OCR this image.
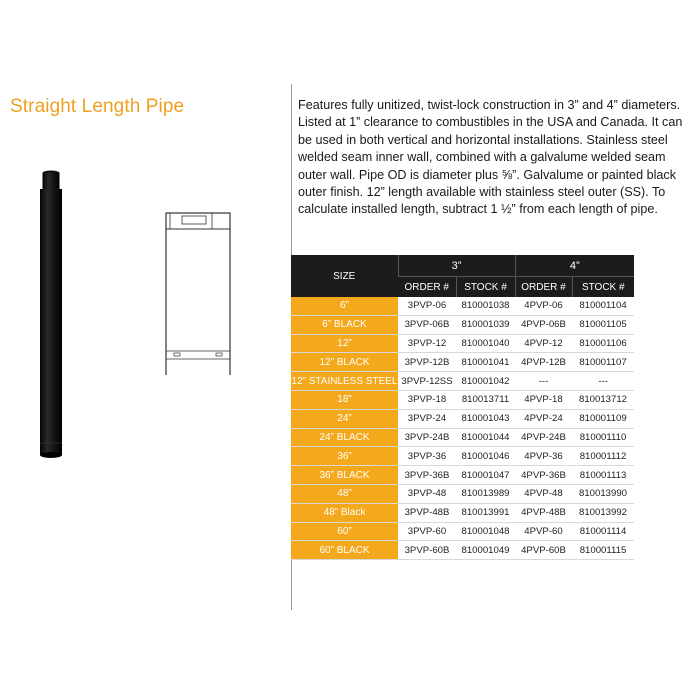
Straight Length Pipe	Features fully unitized, twist-lock construction in 3” and 4” diameters. Listed at 1” clearance to combustibles in the USA and Canada. It can be used in both vertical and horizontal installations. Stainless steel welded seam inner wall, combined with a galvalume welded seam outer wall. Pipe OD is diameter plus ⅝”. Galvalume or painted black outer finish. 12” length available with stainless steel outer (SS). To calculate installed length, subtract 1 ½” from each length of pipe.
SIZE	3”		4”	
	ORDER #	STOCK #	ORDER #	STOCK #
6”	3PVP-06	810001038	4PVP-06	810001104
6” BLACK	3PVP-06B	810001039	4PVP-06B	810001105
12”	3PVP-12	810001040	4PVP-12	810001106
12” BLACK	3PVP-12B	810001041	4PVP-12B	810001107
12” STAINLESS STEEL	3PVP-12SS	810001042	---	---
18”	3PVP-18	810013711	4PVP-18	810013712
24”	3PVP-24	810001043	4PVP-24	810001109
24” BLACK	3PVP-24B	810001044	4PVP-24B	810001110
36”	3PVP-36	810001046	4PVP-36	810001112
36” BLACK	3PVP-36B	810001047	4PVP-36B	810001113
48”	3PVP-48	810013989	4PVP-48	810013990
48” Black	3PVP-48B	810013991	4PVP-48B	810013992
60”	3PVP-60	810001048	4PVP-60	810001114
60” BLACK	3PVP-60B	810001049	4PVP-60B	810001115
